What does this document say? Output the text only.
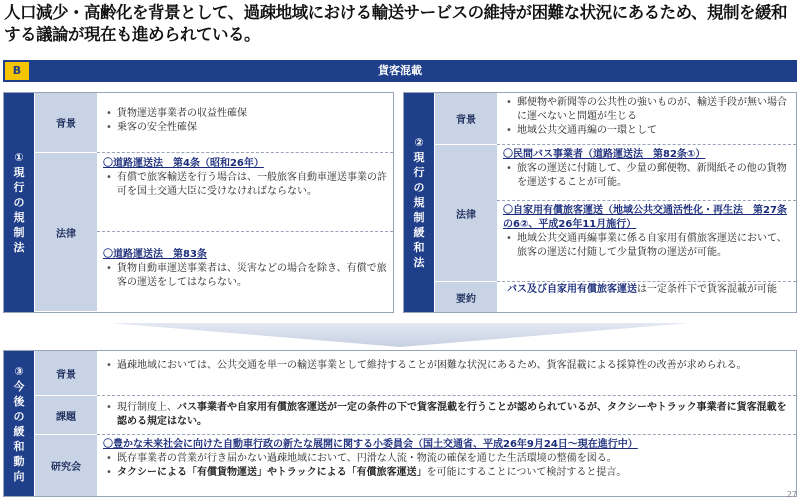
人口減少・高齢化を背景として、過疎地域における輸送サービスの維持が困難な状況にあるため、規制を緩和する議論が現在も進められている。
B	貨客混載
①
現
行
の
規
制
法
背景
• 貨物運送事業者の収益性確保
• 乗客の安全性確保
法律
〇道路運送法　第4条（昭和26年）
• 有償で旅客輸送を行う場合は、一般旅客自動車運送事業の許可を国土交通大臣に受けなければならない。
〇道路運送法　第83条
• 貨物自動車運送事業者は、災害などの場合を除き、有償で旅客の運送をしてはならない。
②
現
行
の
規
制
緩
和
法
背景
• 郵便物や新聞等の公共性の強いものが、輸送手段が無い場合に運べないと問題が生じる
• 地域公共交通再編の一環として
法律
〇民間バス事業者（道路運送法　第82条①）
• 旅客の運送に付随して、少量の郵便物、新聞紙その他の貨物を運送することが可能。
〇自家用有償旅客運送（地域公共交通活性化・再生法　第27条の6②、平成26年11月施行）
• 地域公共交通再編事業に係る自家用有償旅客運送において、旅客の運送に付随して少量貨物の運送が可能。
要約
バス及び自家用有償旅客運送は一定条件下で貨客混載が可能
③
今
後
の
緩
和
動
向
背景
• 過疎地域においては、公共交通を単一の輸送事業として維持することが困難な状況にあるため、貨客混載による採算性の改善が求められる。
課題
• 現行制度上、バス事業者や自家用有償旅客運送が一定の条件の下で貨客混載を行うことが認められているが、タクシーやトラック事業者に貨客混載を認める規定はない。
研究会
〇豊かな未来社会に向けた自動車行政の新たな展開に関する小委員会（国土交通省、平成26年9月24日～現在進行中）
• 既存事業者の営業が行き届かない過疎地域において、円滑な人流・物流の確保を通じた生活環境の整備を図る。
• タクシーによる「有償貨物運送」やトラックによる「有償旅客運送」を可能にすることについて検討すると提言。
27
